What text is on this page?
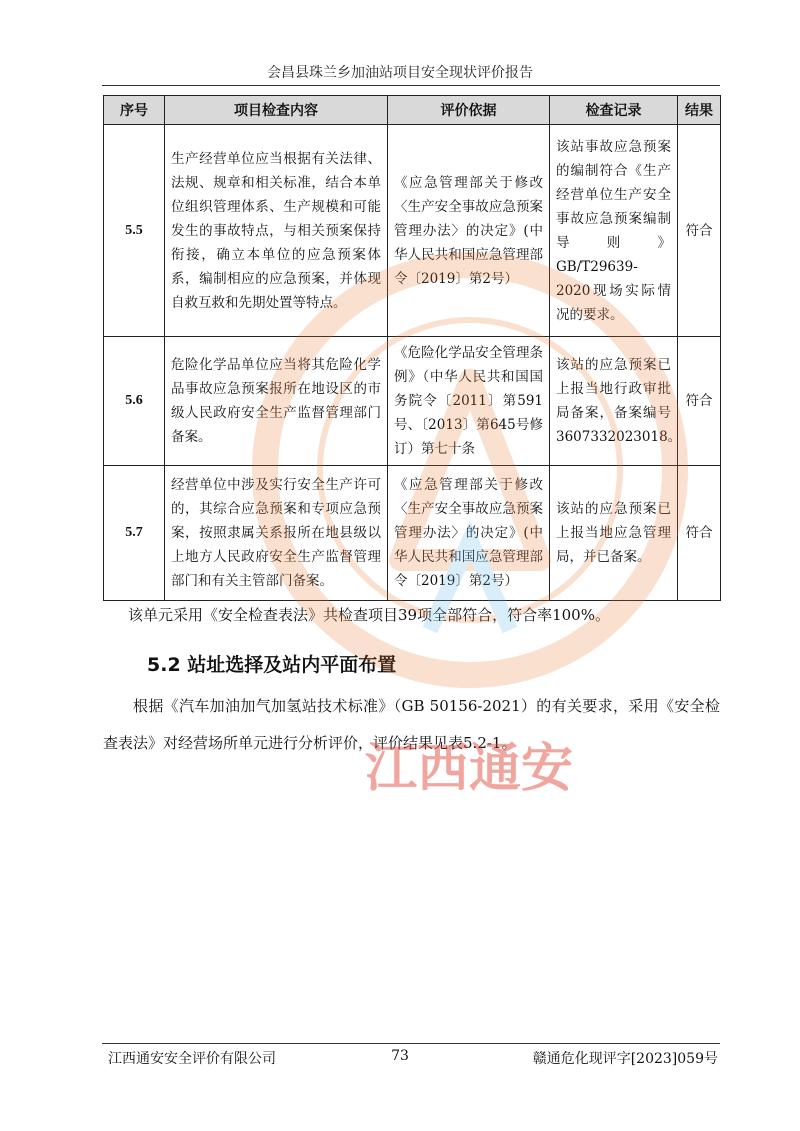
会昌县珠兰乡加油站项目安全现状评价报告
序号	项目检查内容	评价依据	检查记录	结果
5.5	生产经营单位应当根据有关法律、法规、规章和相关标准，结合本单位组织管理体系、生产规模和可能发生的事故特点，与相关预案保持衔接，确立本单位的应急预案体系，编制相应的应急预案，并体现自救互救和先期处置等特点。	《应急管理部关于修改〈生产安全事故应急预案管理办法〉的决定》(中华人民共和国应急管理部令〔2019〕第2号）	该站事故应急预案的编制符合《生产经营单位生产安全事故应急预案编制导则》GB/T29639-2020现场实际情况的要求。	符合
5.6	危险化学品单位应当将其危险化学品事故应急预案报所在地设区的市级人民政府安全生产监督管理部门备案。	《危险化学品安全管理条例》（中华人民共和国国务院令〔2011〕第591号、〔2013〕第645号修订）第七十条	该站的应急预案已上报当地行政审批局备案，备案编号3607332023018。	符合
5.7	经营单位中涉及实行安全生产许可的，其综合应急预案和专项应急预案，按照隶属关系报所在地县级以上地方人民政府安全生产监督管理部门和有关主管部门备案。	《应急管理部关于修改〈生产安全事故应急预案管理办法〉的决定》(中华人民共和国应急管理部令〔2019〕第2号）	该站的应急预案已上报当地应急管理局，并已备案。	符合
该单元采用《安全检查表法》共检查项目39项全部符合，符合率100%。
5.2 站址选择及站内平面布置
根据《汽车加油加气加氢站技术标准》（GB 50156-2021）的有关要求，采用《安全检查表法》对经营场所单元进行分析评价，评价结果见表5.2-1。
江西通安
江西通安安全评价有限公司	73	赣通危化现评字[2023]059号
